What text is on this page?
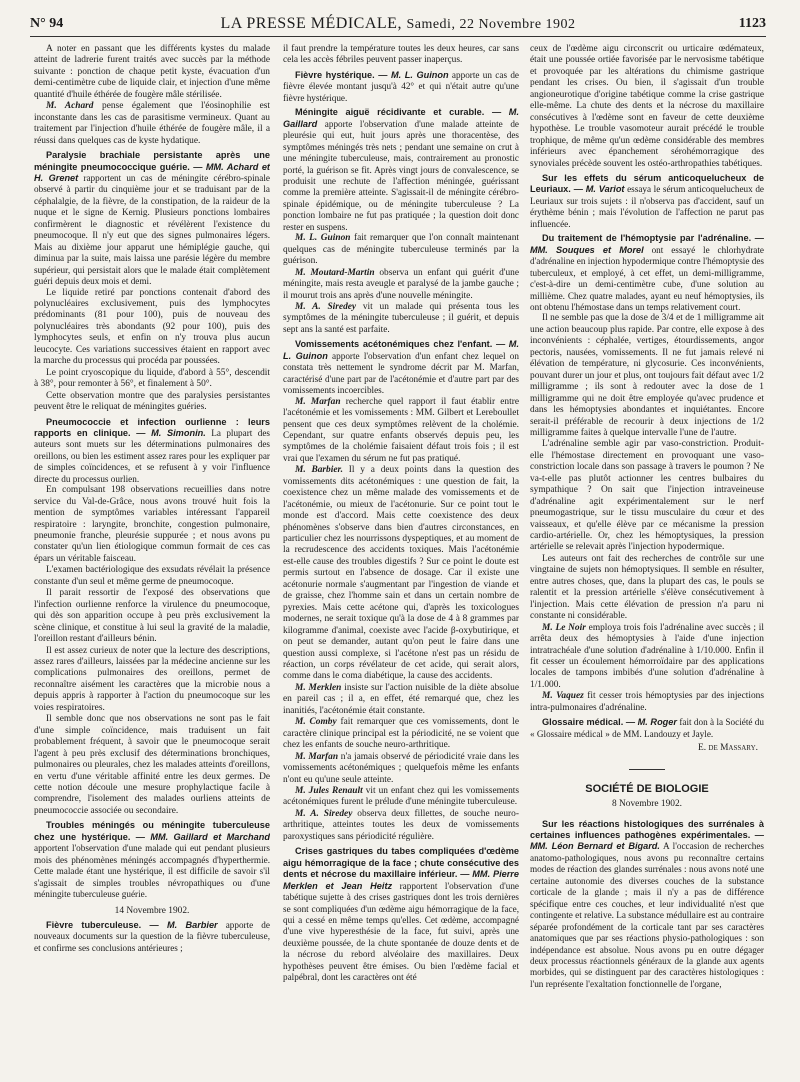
N° 94	LA PRESSE MÉDICALE, Samedi, 22 Novembre 1902	1123

A noter en passant que les différents kystes du malade atteint de ladrerie furent traités avec succès par la méthode suivante : ponction de chaque petit kyste, évacuation d'un demi-centimètre cube de liquide clair, et injection d'une même quantité d'huile éthérée de fougère mâle stérilisée.

M. Achard pense également que l'éosinophilie est inconstante dans les cas de parasitisme vermineux. Quant au traitement par l'injection d'huile éthérée de fougère mâle, il a réussi dans quelques cas de kyste hydatique.

Paralysie brachiale persistante après une méningite pneumococcique guérie. — MM. Achard et H. Grenet rapportent un cas de méningite cérébro-spinale observé à partir du cinquième jour et se traduisant par de la céphalalgie, de la fièvre, de la constipation, de la raideur de la nuque et le signe de Kernig. Plusieurs ponctions lombaires confirmèrent le diagnostic et révélèrent l'existence du pneumocoque. Il n'y eut que des signes pulmonaires légers. Mais au dixième jour apparut une hémiplégie gauche, qui diminua par la suite, mais laissa une parésie légère du membre supérieur, qui persistait alors que le malade était complètement guéri depuis deux mois et demi.

Le liquide retiré par ponctions contenait d'abord des polynucléaires exclusivement, puis des lymphocytes prédominants (81 pour 100), puis de nouveau des polynucléaires très abondants (92 pour 100), puis des lymphocytes seuls, et enfin on n'y trouva plus aucun leucocyte. Ces variations successives étaient en rapport avec la marche du processus qui procéda par poussées.

Le point cryoscopique du liquide, d'abord à 55°, descendit à 38°, pour remonter à 56°, et finalement à 50°.

Cette observation montre que des paralysies persistantes peuvent être le reliquat de méningites guéries.

Pneumococcie et infection ourlienne : leurs rapports en clinique. — M. Simonin. La plupart des auteurs sont muets sur les déterminations pulmonaires des oreillons, ou bien les estiment assez rares pour les expliquer par de simples coïncidences, et se refusent à y voir l'influence directe du processus ourlien.

En compulsant 198 observations recueillies dans notre service du Val-de-Grâce, nous avons trouvé huit fois la mention de symptômes variables intéressant l'appareil respiratoire : laryngite, bronchite, congestion pulmonaire, pneumonie franche, pleurésie suppurée ; et nous avons pu constater qu'un lien étiologique commun formait de ces cas épars un véritable faisceau.

L'examen bactériologique des exsudats révélait la présence constante d'un seul et même germe de pneumocoque.

Il parait ressortir de l'exposé des observations que l'infection ourlienne renforce la virulence du pneumocoque, qui dès son apparition occupe à peu près exclusivement la scène clinique, et constitue à lui seul la gravité de la maladie, l'oreillon restant d'ailleurs bénin.

Il est assez curieux de noter que la lecture des descriptions, assez rares d'ailleurs, laissées par la médecine ancienne sur les complications pulmonaires des oreillons, permet de reconnaître aisément les caractères que la microbie nous a depuis appris à rapporter à l'action du pneumocoque sur les voies respiratoires.

Il semble donc que nos observations ne sont pas le fait d'une simple coïncidence, mais traduisent un fait probablement fréquent, à savoir que le pneumocoque serait l'agent à peu près exclusif des déterminations bronchiques, pulmonaires ou pleurales, chez les malades atteints d'oreillons, en vertu d'une véritable affinité entre les deux germes. De cette notion découle une mesure prophylactique facile à comprendre, l'isolement des malades ourliens atteints de pneumococcie associée ou secondaire.

Troubles méningés ou méningite tuberculeuse chez une hystérique. — MM. Gaillard et Marchand apportent l'observation d'une malade qui eut pendant plusieurs mois des phénomènes méningés accompagnés d'hyperthermie. Cette malade étant une hystérique, il est difficile de savoir s'il s'agissait de simples troubles névropathiques ou d'une méningite tuberculeuse guérie.

14 Novembre 1902.

Fièvre tuberculeuse. — M. Barbier apporte de nouveaux documents sur la question de la fièvre tuberculeuse, et confirme ses conclusions antérieures ;

il faut prendre la température toutes les deux heures, car sans cela les accès fébriles peuvent passer inaperçus.

Fièvre hystérique. — M. L. Guinon apporte un cas de fièvre élevée montant jusqu'à 42° et qui n'était autre qu'une fièvre hystérique.

Méningite aiguë récidivante et curable. — M. Gaillard apporte l'observation d'une malade atteinte de pleurésie qui eut, huit jours après une thoracentèse, des symptômes méningés très nets ; pendant une semaine on crut à une méningite tuberculeuse, mais, contrairement au pronostic porté, la guérison se fit. Après vingt jours de convalescence, se produisit une rechute de l'affection méningée, guérissant comme la première atteinte. S'agissait-il de méningite cérébro-spinale épidémique, ou de méningite tuberculeuse ? La ponction lombaire ne fut pas pratiquée ; la question doit donc rester en suspens.

M. L. Guinon fait remarquer que l'on connaît maintenant quelques cas de méningite tuberculeuse terminés par la guérison.

M. Moutard-Martin observa un enfant qui guérit d'une méningite, mais resta aveugle et paralysé de la jambe gauche ; il mourut trois ans après d'une nouvelle méningite.

M. A. Siredey vit un malade qui présenta tous les symptômes de la méningite tuberculeuse ; il guérit, et depuis sept ans la santé est parfaite.

Vomissements acétonémiques chez l'enfant. — M. L. Guinon apporte l'observation d'un enfant chez lequel on constata très nettement le syndrome décrit par M. Marfan, caractérisé d'une part par de l'acétonémie et d'autre part par des vomissements incoercibles.

M. Marfan recherche quel rapport il faut établir entre l'acétonémie et les vomissements : MM. Gilbert et Lereboullet pensent que ces deux symptômes relèvent de la cholémie. Cependant, sur quatre enfants observés depuis peu, les symptômes de la cholémie faisaient défaut trois fois ; il est vrai que l'examen du sérum ne fut pas pratiqué.

M. Barbier. Il y a deux points dans la question des vomissements dits acétonémiques : une question de fait, la coexistence chez un même malade des vomissements et de l'acétonémie, ou mieux de l'acétonurie. Sur ce point tout le monde est d'accord. Mais cette coexistence des deux phénomènes s'observe dans bien d'autres circonstances, en particulier chez les nourrissons dyspeptiques, et au moment de la recrudescence des accidents toxiques. Mais l'acétonémie est-elle cause des troubles digestifs ? Sur ce point le doute est permis surtout en l'absence de dosage. Car il existe une acétonurie normale s'augmentant par l'ingestion de viande et de graisse, chez l'homme sain et dans un certain nombre de pyrexies. Mais cette acétone qui, d'après les toxicologues modernes, ne serait toxique qu'à la dose de 4 à 8 grammes par kilogramme d'animal, coexiste avec l'acide β-oxybutirique, et on peut se demander, autant qu'on peut le faire dans une question aussi complexe, si l'acétone n'est pas un résidu de réaction, un corps révélateur de cet acide, qui serait alors, comme dans le coma diabétique, la cause des accidents.

M. Merklen insiste sur l'action nuisible de la diète absolue en pareil cas ; il a, en effet, été remarqué que, chez les inanitiés, l'acétonémie était constante.

M. Comby fait remarquer que ces vomissements, dont le caractère clinique principal est la périodicité, ne se voient que chez les enfants de souche neuro-arthritique.

M. Marfan n'a jamais observé de périodicité vraie dans les vomissements acétonémiques ; quelquefois même les enfants n'ont eu qu'une seule atteinte.

M. Jules Renault vit un enfant chez qui les vomissements acétonémiques furent le prélude d'une méningite tuberculeuse.

M. A. Siredey observa deux fillettes, de souche neuro-arthritique, atteintes toutes les deux de vomissements paroxystiques sans périodicité régulière.

Crises gastriques du tabes compliquées d'œdème aigu hémorragique de la face ; chute consécutive des dents et nécrose du maxillaire inférieur. — MM. Pierre Merklen et Jean Heitz rapportent l'observation d'une tabétique sujette à des crises gastriques dont les trois dernières se sont compliquées d'un œdème aigu hémorragique de la face, qui a cessé en même temps qu'elles. Cet œdème, accompagné d'une vive hyperesthésie de la face, fut suivi, après une deuxième poussée, de la chute spontanée de douze dents et de la nécrose du rebord alvéolaire des maxillaires. Deux hypothèses peuvent être émises. Ou bien l'œdème facial et palpébral, dont les caractères ont été

ceux de l'œdème aigu circonscrit ou urticaire œdémateux, était une poussée ortiée favorisée par le nervosisme tabétique et provoquée par les altérations du chimisme gastrique pendant les crises. Ou bien, il s'agissait d'un trouble angioneurotique d'origine tabétique comme la crise gastrique elle-même. La chute des dents et la nécrose du maxillaire consécutives à l'œdème sont en faveur de cette deuxième hypothèse. Le trouble vasomoteur aurait précédé le trouble trophique, de même qu'un œdème considérable des membres inférieurs avec épanchement sérohémorragique des synoviales précède souvent les ostéo-arthropathies tabétiques.

Sur les effets du sérum anticoqueluchеux de Leuriaux. — M. Variot essaya le sérum anticoquelucheux de Leuriaux sur trois sujets : il n'observa pas d'accident, sauf un érythème bénin ; mais l'évolution de l'affection ne parut pas influencée.

Du traitement de l'hémoptysie par l'adrénaline. — MM. Souques et Morel ont essayé le chlorhydrate d'adrénaline en injection hypodermique contre l'hémoptysie des tuberculeux, et employé, à cet effet, un demi-milligramme, c'est-à-dire un demi-centimètre cube, d'une solution au millième. Chez quatre malades, ayant eu neuf hémoptysies, ils ont obtenu l'hémostase dans un temps relativement court.

Il ne semble pas que la dose de 3/4 et de 1 milligramme ait une action beaucoup plus rapide. Par contre, elle expose à des inconvénients : céphalée, vertiges, étourdissements, angor pectoris, nausées, vomissements. Il ne fut jamais relevé ni élévation de température, ni glycosurie. Ces inconvénients, pouvant durer un jour et plus, ont toujours fait défaut avec 1/2 milligramme ; ils sont à redouter avec la dose de 1 milligramme qui ne doit être employée qu'avec prudence et dans les hémoptysies abondantes et inquiétantes. Encore serait-il préférable de recourir à deux injections de 1/2 milligramme faites à quelque intervalle l'une de l'autre.

L'adrénaline semble agir par vaso-constriction. Produit-elle l'hémostase directement en provoquant une vaso-constriction locale dans son passage à travers le poumon ? Ne va-t-elle pas plutôt actionner les centres bulbaires du sympathique ? On sait que l'injection intraveineuse d'adrénaline agit expérimentalement sur le nerf pneumogastrique, sur le tissu musculaire du cœur et des vaisseaux, et qu'elle élève par ce mécanisme la pression cardio-artérielle. Or, chez les hémoptysiques, la pression artérielle se relevait après l'injection hypodermique.

Les auteurs ont fait des recherches de contrôle sur une vingtaine de sujets non hémoptysiques. Il semble en résulter, entre autres choses, que, dans la plupart des cas, le pouls se ralentit et la pression artérielle s'élève consécutivement à l'injection. Mais cette élévation de pression n'a paru ni constante ni considérable.

M. Le Noir employa trois fois l'adrénaline avec succès ; il arrêta deux des hémoptysies à l'aide d'une injection intratrachéale d'une solution d'adrénaline à 1/10.000. Enfin il fit cesser un écoulement hémorroïdaire par des applications locales de tampons imbibés d'une solution d'adrénaline à 1/1.000.

M. Vaquez fit cesser trois hémoptysies par des injections intra-pulmonaires d'adrénaline.

Glossaire médical. — M. Roger fait don à la Société du « Glossaire médical » de MM. Landouzy et Jayle.

E. de Massary.

SOCIÉTÉ DE BIOLOGIE
8 Novembre 1902.

Sur les réactions histologiques des surrénales à certaines influences pathogènes expérimentales. — MM. Léon Bernard et Bigard. A l'occasion de recherches anatomo-pathologiques, nous avons pu reconnaître certains modes de réaction des glandes surrénales : nous avons noté une certaine autonomie des diverses couches de la substance corticale de la glande ; mais il n'y a pas de différence spécifique entre ces couches, et leur individualité n'est que contingente et relative. La substance médullaire est au contraire séparée profondément de la corticale tant par ses caractères anatomiques que par ses réactions physio-pathologiques : son indépendance est absolue. Nous avons pu en outre dégager deux processus réactionnels généraux de la glande aux agents morbides, qui se distinguent par des caractères histologiques : l'un représente l'exaltation fonctionnelle de l'organe,
